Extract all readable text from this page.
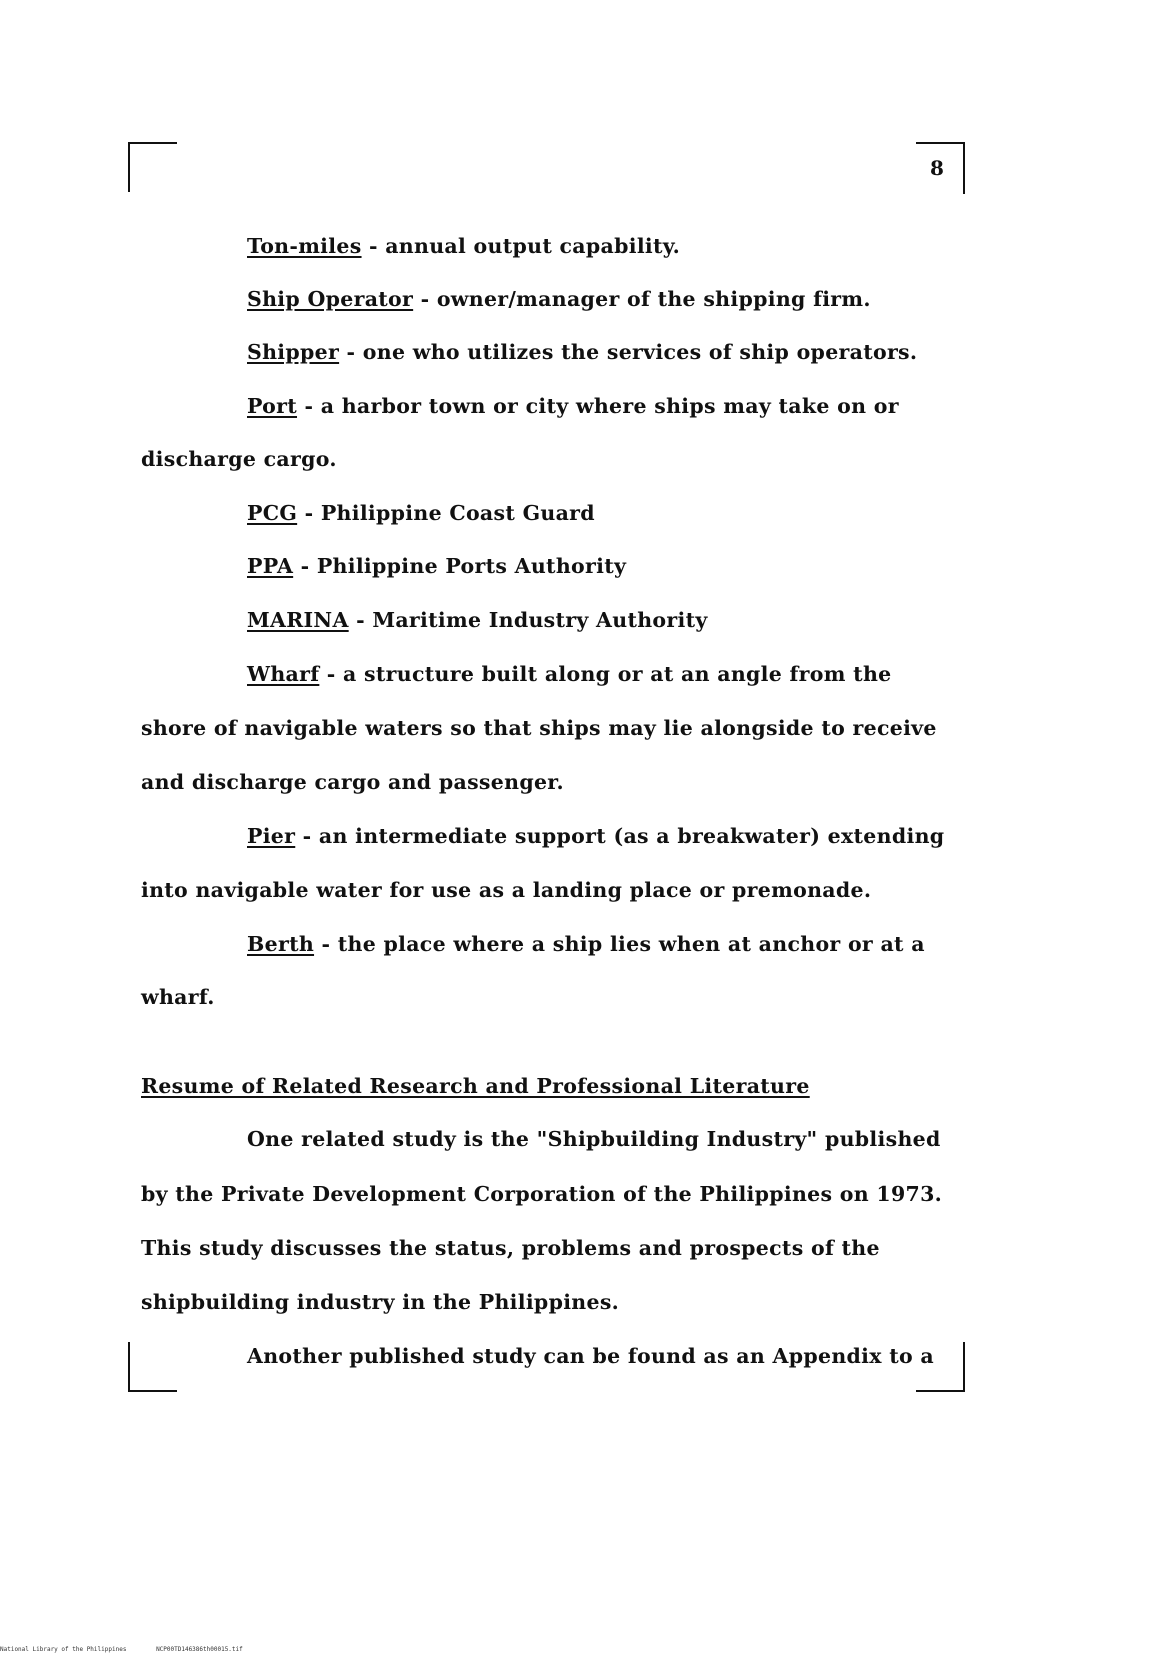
8
Ton-miles - annual output capability.
Ship Operator - owner/manager of the shipping firm.
Shipper - one who utilizes the services of ship operators.
Port - a harbor town or city where ships may take on or
discharge cargo.
PCG - Philippine Coast Guard
PPA - Philippine Ports Authority
MARINA - Maritime Industry Authority
Wharf - a structure built along or at an angle from the
shore of navigable waters so that ships may lie alongside to receive
and discharge cargo and passenger.
Pier - an intermediate support (as a breakwater) extending
into navigable water for use as a landing place or premonade.
Berth - the place where a ship lies when at anchor or at a
wharf.
Resume of Related Research and Professional Literature
One related study is the "Shipbuilding Industry" published
by the Private Development Corporation of the Philippines on 1973.
This study discusses the status, problems and prospects of the
shipbuilding industry in the Philippines.
Another published study can be found as an Appendix to a
National Library of the Philippines	NCP00TD146386th00015.tif
